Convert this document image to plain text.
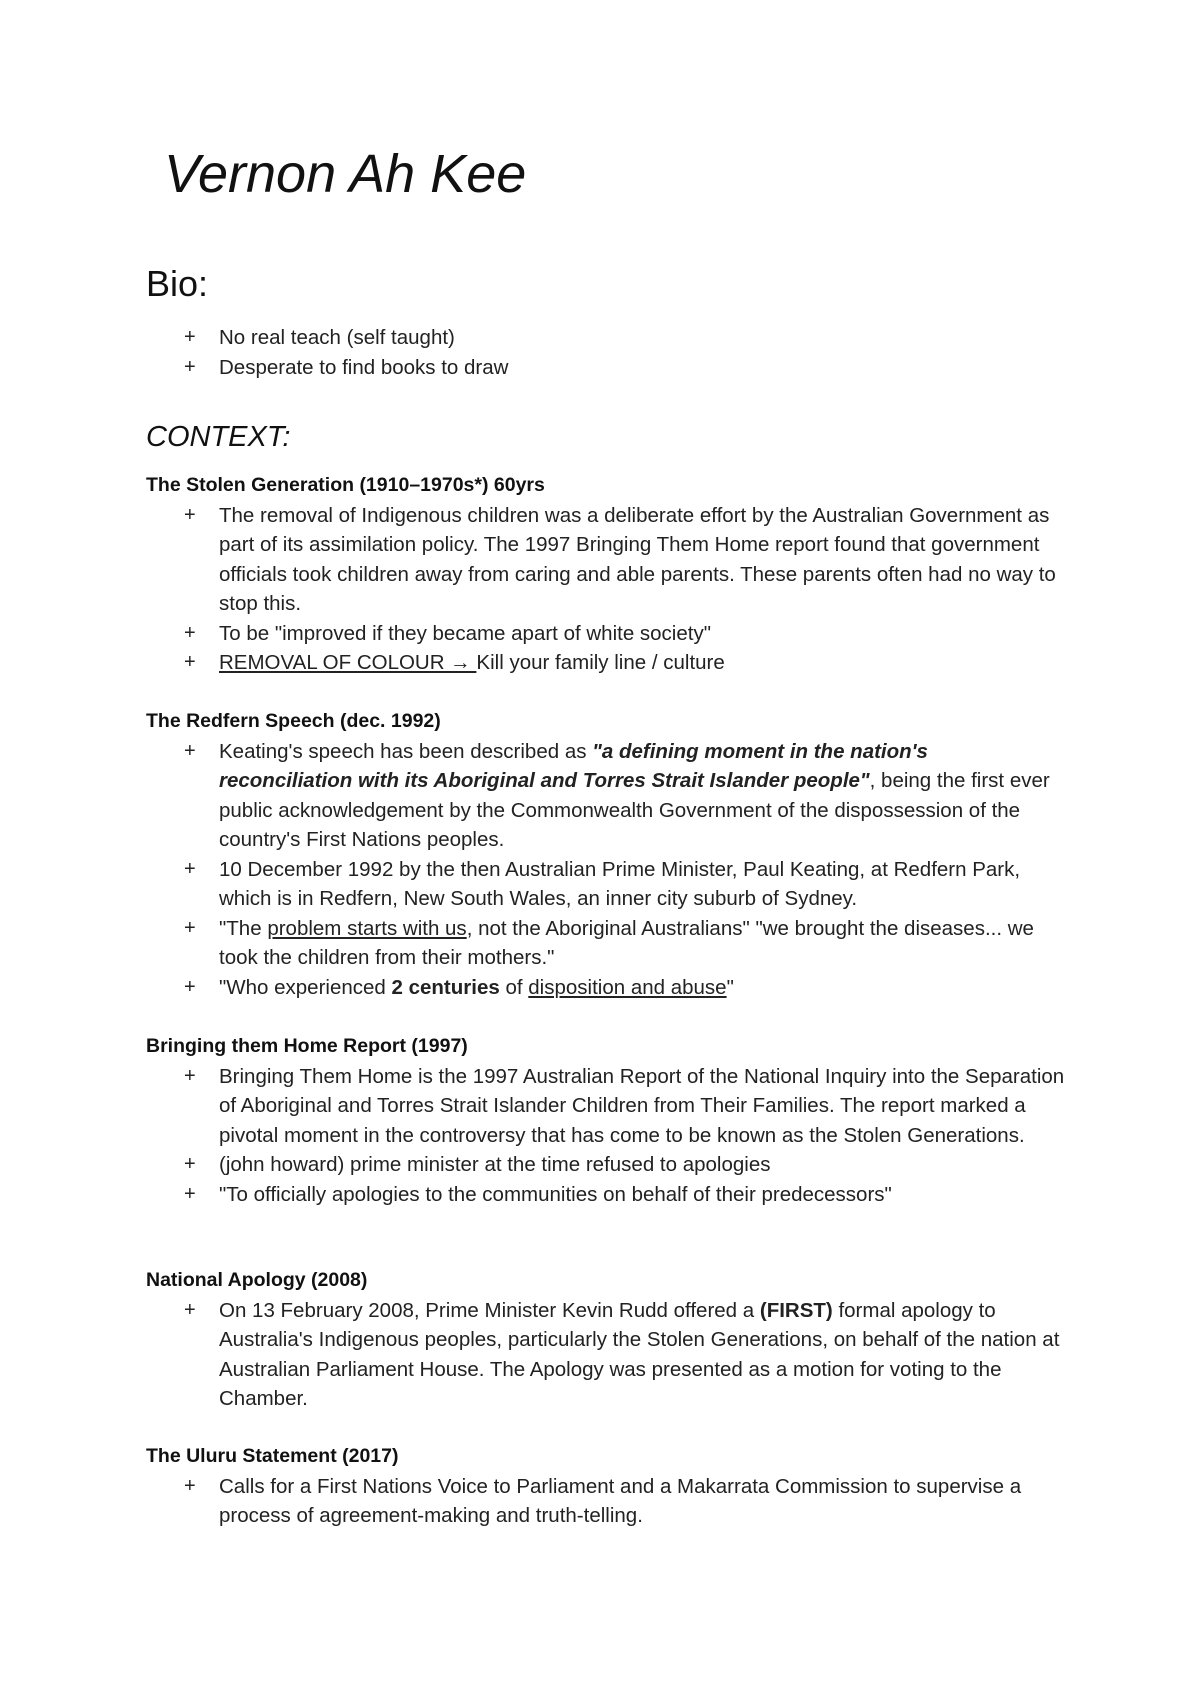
Vernon Ah Kee
Bio:
+ No real teach (self taught)
+ Desperate to find books to draw
CONTEXT:
The Stolen Generation (1910–1970s*) 60yrs
+ The removal of Indigenous children was a deliberate effort by the Australian Government as part of its assimilation policy. The 1997 Bringing Them Home report found that government officials took children away from caring and able parents. These parents often had no way to stop this.
+ To be "improved if they became apart of white society"
+ REMOVAL OF COLOUR → Kill your family line / culture
The Redfern Speech (dec. 1992)
+ Keating's speech has been described as "a defining moment in the nation's reconciliation with its Aboriginal and Torres Strait Islander people", being the first ever public acknowledgement by the Commonwealth Government of the dispossession of the country's First Nations peoples.
+ 10 December 1992 by the then Australian Prime Minister, Paul Keating, at Redfern Park, which is in Redfern, New South Wales, an inner city suburb of Sydney.
+ "The problem starts with us, not the Aboriginal Australians" "we brought the diseases... we took the children from their mothers."
+ "Who experienced 2 centuries of disposition and abuse"
Bringing them Home Report (1997)
+ Bringing Them Home is the 1997 Australian Report of the National Inquiry into the Separation of Aboriginal and Torres Strait Islander Children from Their Families. The report marked a pivotal moment in the controversy that has come to be known as the Stolen Generations.
+ (john howard) prime minister at the time refused to apologies
+ "To officially apologies to the communities on behalf of their predecessors"
National Apology (2008)
+ On 13 February 2008, Prime Minister Kevin Rudd offered a (FIRST) formal apology to Australia's Indigenous peoples, particularly the Stolen Generations, on behalf of the nation at Australian Parliament House. The Apology was presented as a motion for voting to the Chamber.
The Uluru Statement (2017)
+ Calls for a First Nations Voice to Parliament and a Makarrata Commission to supervise a process of agreement-making and truth-telling.
